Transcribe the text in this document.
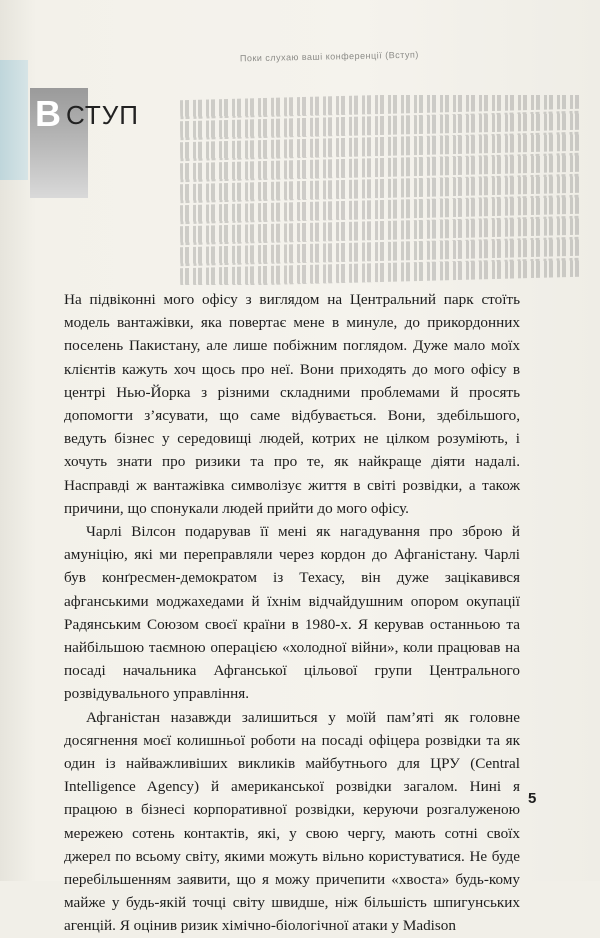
Поки слухаю ваші конференції (Вступ)
В СТУП

На підвіконні мого офісу з виглядом на Центральний парк стоїть модель вантажівки, яка повертає мене в минуле, до прикордонних поселень Пакистану, але лише побіжним поглядом. Дуже мало моїх клієнтів кажуть хоч щось про неї. Вони приходять до мого офісу в центрі Нью-Йорка з різними складними проблемами й просять допомогти з’ясувати, що саме відбувається. Вони, здебільшого, ведуть бізнес у середовищі людей, котрих не цілком розуміють, і хочуть знати про ризики та про те, як найкраще діяти надалі. Насправді ж вантажівка символізує життя в світі розвідки, а також причини, що спонукали людей прийти до мого офісу.

Чарлі Вілсон подарував її мені як нагадування про зброю й амуніцію, які ми переправляли через кордон до Афганістану. Чарлі був конґресмен-демократом із Техасу, він дуже зацікавився афганськими моджахедами й їхнім відчайдушним опором окупації Радянським Союзом своєї країни в 1980-х. Я керував останньою та найбільшою таємною операцією «холодної війни», коли працював на посаді начальника Афганської цільової групи Центрального розвідувального управління.

Афганістан назавжди залишиться у моїй пам’яті як головне досягнення моєї колишньої роботи на посаді офіцера розвідки та як один із найважливіших викликів майбутнього для ЦРУ (Central Intelligence Agency) й американської розвідки загалом. Нині я працюю в бізнесі корпоративної розвідки, керуючи розгалуженою мережею сотень контактів, які, у свою чергу, мають сотні своїх джерел по всьому світу, якими можуть вільно користуватися. Не буде перебільшенням заявити, що я можу причепити «хвоста» будь-кому майже у будь-якій точці світу швидше, ніж більшість шпигунських агенцій. Я оцінив ризик хімічно-біологічної атаки у Madison

5
